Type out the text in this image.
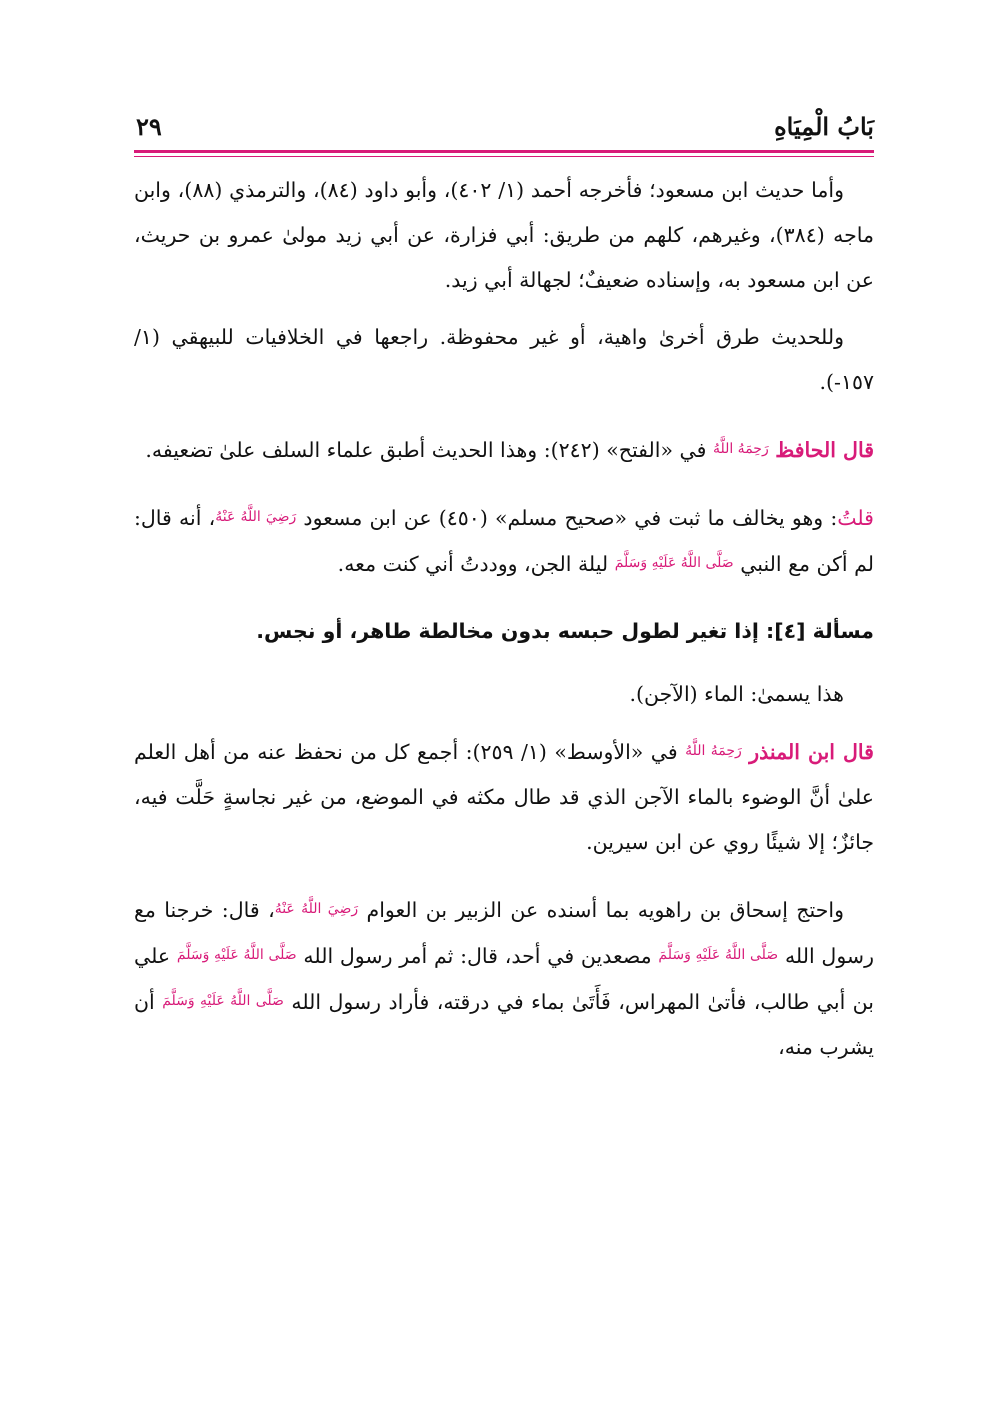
بَابُ الْمِيَاهِ
٢٩

وأما حديث ابن مسعود؛ فأخرجه أحمد (١/ ٤٠٢)، وأبو داود (٨٤)، والترمذي (٨٨)، وابن ماجه (٣٨٤)، وغيرهم، كلهم من طريق: أبي فزارة، عن أبي زيد مولىٰ عمرو بن حريث، عن ابن مسعود به، وإسناده ضعيفٌ؛ لجهالة أبي زيد.

وللحديث طرق أخرىٰ واهية، أو غير محفوظة. راجعها في الخلافيات للبيهقي (١/ ١٥٧-).

قال الحافظ رَحِمَهُ اللَّهُ في «الفتح» (٢٤٢): وهذا الحديث أطبق علماء السلف علىٰ تضعيفه.

قلتُ: وهو يخالف ما ثبت في «صحيح مسلم» (٤٥٠) عن ابن مسعود رَضِيَ اللَّهُ عَنْهُ، أنه قال: لم أكن مع النبي صَلَّى اللَّهُ عَلَيْهِ وَسَلَّمَ ليلة الجن، ووددتُ أني كنت معه.

مسألة [٤]: إذا تغير لطول حبسه بدون مخالطة طاهر، أو نجس.

هذا يسمىٰ: الماء (الآجن).

قال ابن المنذر رَحِمَهُ اللَّهُ في «الأوسط» (١/ ٢٥٩): أجمع كل من نحفظ عنه من أهل العلم علىٰ أنَّ الوضوء بالماء الآجن الذي قد طال مكثه في الموضع، من غير نجاسةٍ حَلَّت فيه، جائزٌ؛ إلا شيئًا روي عن ابن سيرين.

واحتج إسحاق بن راهويه بما أسنده عن الزبير بن العوام رَضِيَ اللَّهُ عَنْهُ، قال: خرجنا مع رسول الله صَلَّى اللَّهُ عَلَيْهِ وَسَلَّمَ مصعدين في أحد، قال: ثم أمر رسول الله صَلَّى اللَّهُ عَلَيْهِ وَسَلَّمَ علي بن أبي طالب، فأتىٰ المهراس، فَأَتَىٰ بماء في درقته، فأراد رسول الله صَلَّى اللَّهُ عَلَيْهِ وَسَلَّمَ أن يشرب منه،
